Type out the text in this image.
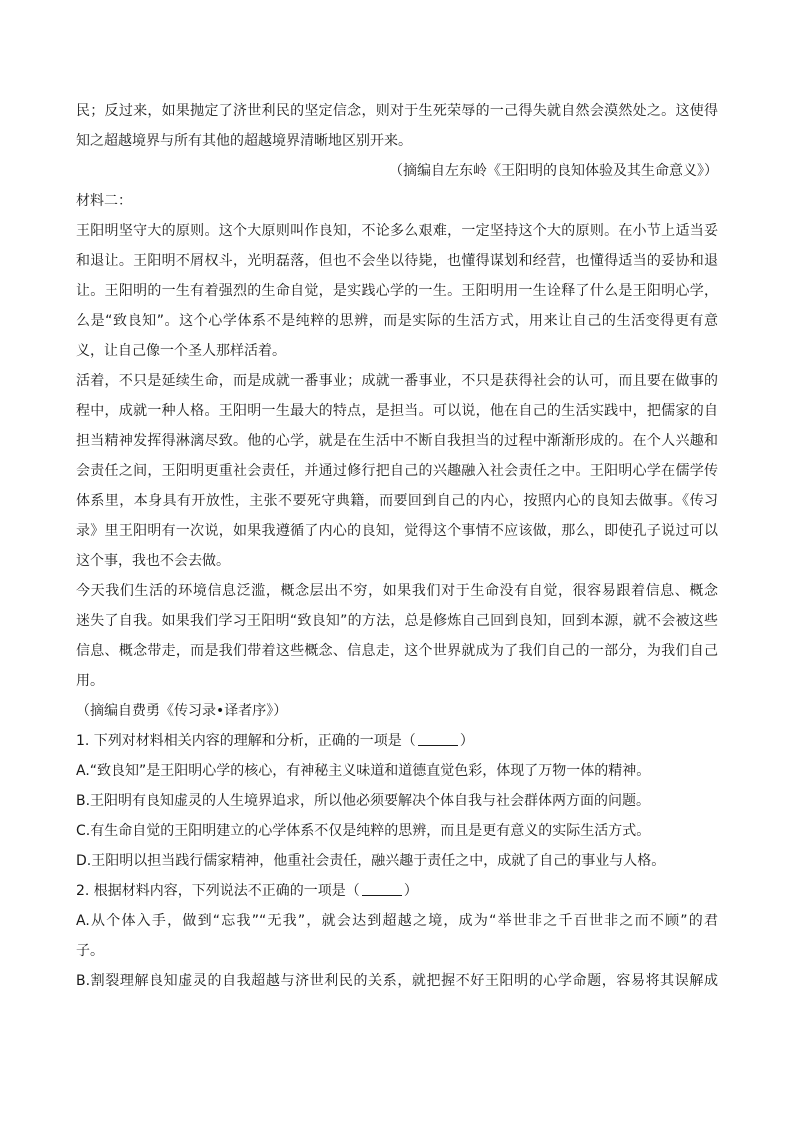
民；反过来，如果抛定了济世利民的坚定信念，则对于生死荣辱的一己得失就自然会漠然处之。这使得
知之超越境界与所有其他的超越境界清晰地区别开来。
（摘编自左东岭《王阳明的良知体验及其生命意义》）
材料二：
王阳明坚守大的原则。这个大原则叫作良知，不论多么艰难，一定坚持这个大的原则。在小节上适当妥
和退让。王阳明不屑权斗，光明磊落，但也不会坐以待毙，也懂得谋划和经营，也懂得适当的妥协和退
让。王阳明的一生有着强烈的生命自觉，是实践心学的一生。王阳明用一生诠释了什么是王阳明心学，
么是“致良知”。这个心学体系不是纯粹的思辨，而是实际的生活方式，用来让自己的生活变得更有意
义，让自己像一个圣人那样活着。
活着，不只是延续生命，而是成就一番事业；成就一番事业，不只是获得社会的认可，而且要在做事的
程中，成就一种人格。王阳明一生最大的特点，是担当。可以说，他在自己的生活实践中，把儒家的自
担当精神发挥得淋漓尽致。他的心学，就是在生活中不断自我担当的过程中渐渐形成的。在个人兴趣和
会责任之间，王阳明更重社会责任，并通过修行把自己的兴趣融入社会责任之中。王阳明心学在儒学传
体系里，本身具有开放性，主张不要死守典籍，而要回到自己的内心，按照内心的良知去做事。《传习
录》里王阳明有一次说，如果我遵循了内心的良知，觉得这个事情不应该做，那么，即使孔子说过可以
这个事，我也不会去做。
今天我们生活的环境信息泛滥，概念层出不穷，如果我们对于生命没有自觉，很容易跟着信息、概念
迷失了自我。如果我们学习王阳明“致良知”的方法，总是修炼自己回到良知，回到本源，就不会被这些
信息、概念带走，而是我们带着这些概念、信息走，这个世界就成为了我们自己的一部分，为我们自己
用。
（摘编自费勇《传习录•译者序》）
1. 下列对材料相关内容的理解和分析，正确的一项是（	）
A.“致良知”是王阳明心学的核心，有神秘主义味道和道德直觉色彩，体现了万物一体的精神。
B.王阳明有良知虚灵的人生境界追求，所以他必须要解决个体自我与社会群体两方面的问题。
C.有生命自觉的王阳明建立的心学体系不仅是纯粹的思辨，而且是更有意义的实际生活方式。
D.王阳明以担当践行儒家精神，他重社会责任，融兴趣于责任之中，成就了自己的事业与人格。
2. 根据材料内容，下列说法不正确的一项是（	）
A.从个体入手，做到“忘我”“无我”，就会达到超越之境，成为“举世非之千百世非之而不顾”的君
子。
B.割裂理解良知虚灵的自我超越与济世利民的关系，就把握不好王阳明的心学命题，容易将其误解成
